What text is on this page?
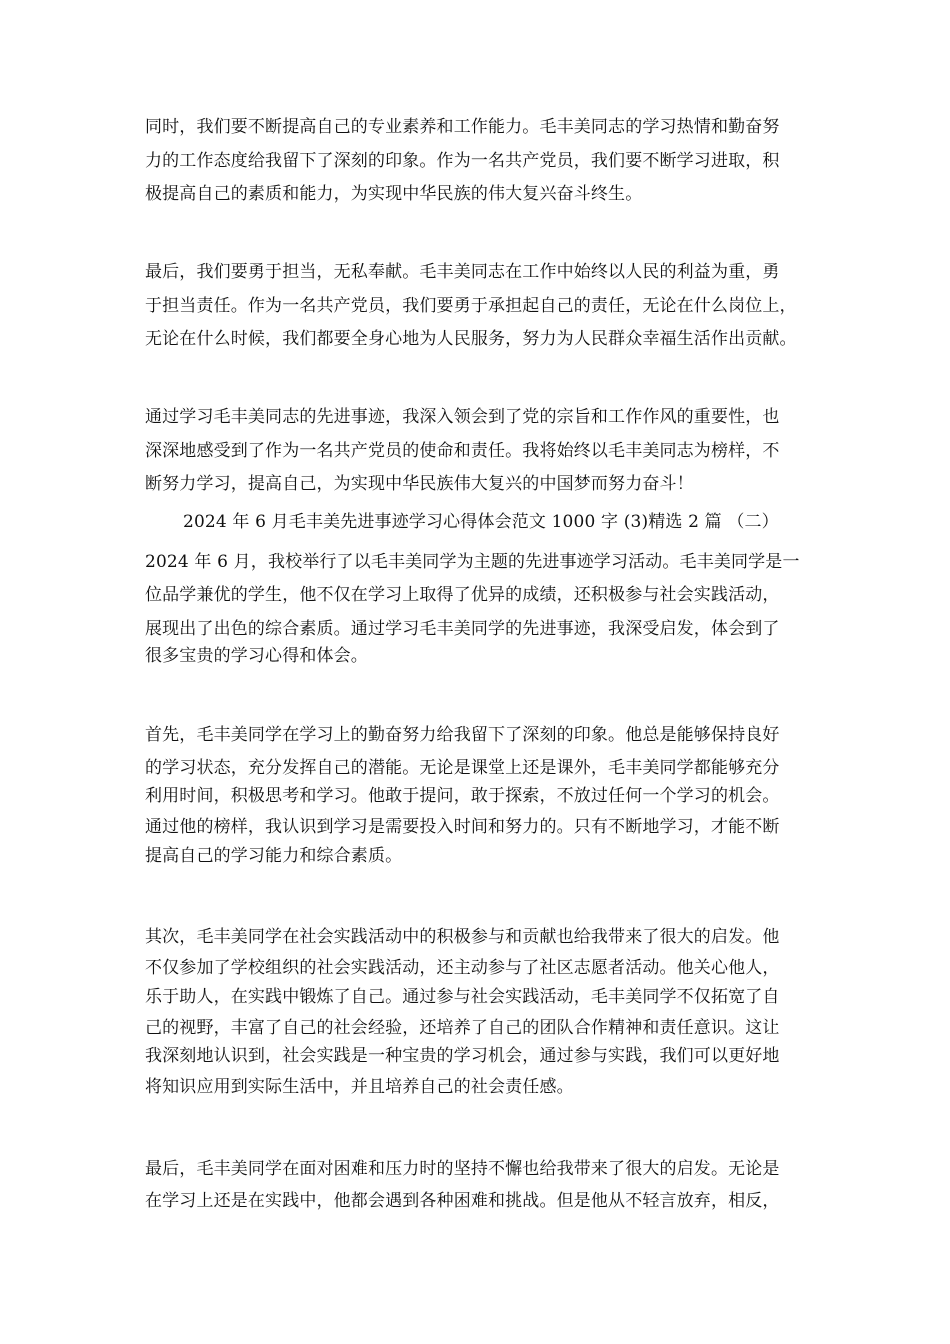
同时，我们要不断提高自己的专业素养和工作能力。毛丰美同志的学习热情和勤奋努
力的工作态度给我留下了深刻的印象。作为一名共产党员，我们要不断学习进取，积
极提高自己的素质和能力，为实现中华民族的伟大复兴奋斗终生。
最后，我们要勇于担当，无私奉献。毛丰美同志在工作中始终以人民的利益为重，勇
于担当责任。作为一名共产党员，我们要勇于承担起自己的责任，无论在什么岗位上，
无论在什么时候，我们都要全身心地为人民服务，努力为人民群众幸福生活作出贡献。
通过学习毛丰美同志的先进事迹，我深入领会到了党的宗旨和工作作风的重要性，也
深深地感受到了作为一名共产党员的使命和责任。我将始终以毛丰美同志为榜样，不
断努力学习，提高自己，为实现中华民族伟大复兴的中国梦而努力奋斗！
2024 年 6 月毛丰美先进事迹学习心得体会范文 1000 字 (3)精选 2 篇 （二）
2024 年 6 月，我校举行了以毛丰美同学为主题的先进事迹学习活动。毛丰美同学是一
位品学兼优的学生，他不仅在学习上取得了优异的成绩，还积极参与社会实践活动，
展现出了出色的综合素质。通过学习毛丰美同学的先进事迹，我深受启发，体会到了
很多宝贵的学习心得和体会。
首先，毛丰美同学在学习上的勤奋努力给我留下了深刻的印象。他总是能够保持良好
的学习状态，充分发挥自己的潜能。无论是课堂上还是课外，毛丰美同学都能够充分
利用时间，积极思考和学习。他敢于提问，敢于探索，不放过任何一个学习的机会。
通过他的榜样，我认识到学习是需要投入时间和努力的。只有不断地学习，才能不断
提高自己的学习能力和综合素质。
其次，毛丰美同学在社会实践活动中的积极参与和贡献也给我带来了很大的启发。他
不仅参加了学校组织的社会实践活动，还主动参与了社区志愿者活动。他关心他人，
乐于助人，在实践中锻炼了自己。通过参与社会实践活动，毛丰美同学不仅拓宽了自
己的视野，丰富了自己的社会经验，还培养了自己的团队合作精神和责任意识。这让
我深刻地认识到，社会实践是一种宝贵的学习机会，通过参与实践，我们可以更好地
将知识应用到实际生活中，并且培养自己的社会责任感。
最后，毛丰美同学在面对困难和压力时的坚持不懈也给我带来了很大的启发。无论是
在学习上还是在实践中，他都会遇到各种困难和挑战。但是他从不轻言放弃，相反，
